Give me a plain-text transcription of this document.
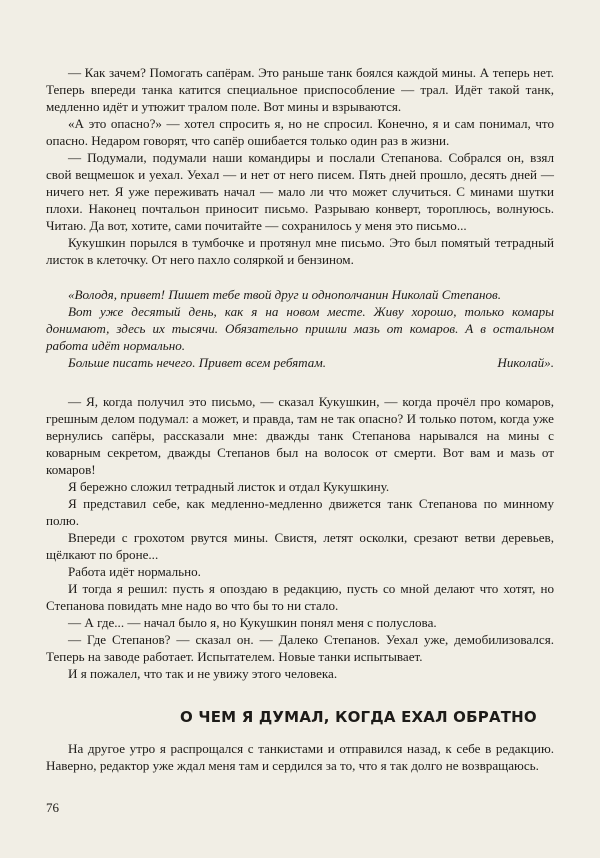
— Как зачем? Помогать сапёрам. Это раньше танк боялся каждой мины. А теперь нет. Теперь впереди танка катится специальное приспособление — трал. Идёт такой танк, медленно идёт и утюжит тралом поле. Вот мины и взрываются.

«А это опасно?» — хотел спросить я, но не спросил. Конечно, я и сам понимал, что опасно. Недаром говорят, что сапёр ошибается только один раз в жизни.

— Подумали, подумали наши командиры и послали Степанова. Собрался он, взял свой вещмешок и уехал. Уехал — и нет от него писем. Пять дней прошло, десять дней — ничего нет. Я уже переживать начал — мало ли что может случиться. С минами шутки плохи. Наконец почтальон приносит письмо. Разрываю конверт, тороплюсь, волнуюсь. Читаю. Да вот, хотите, сами почитайте — сохранилось у меня это письмо...

Кукушкин порылся в тумбочке и протянул мне письмо. Это был помятый тетрадный листок в клеточку. От него пахло соляркой и бензином.

«Володя, привет! Пишет тебе твой друг и однополчанин Николай Степанов.

Вот уже десятый день, как я на новом месте. Живу хорошо, только комары донимают, здесь их тысячи. Обязательно пришли мазь от комаров. А в остальном работа идёт нормально.

Больше писать нечего. Привет всем ребятам.	Николай».

— Я, когда получил это письмо, — сказал Кукушкин, — когда прочёл про комаров, грешным делом подумал: а может, и правда, там не так опасно? И только потом, когда уже вернулись сапёры, рассказали мне: дважды танк Степанова нарывался на мины с коварным секретом, дважды Степанов был на волосок от смерти. Вот вам и мазь от комаров!

Я бережно сложил тетрадный листок и отдал Кукушкину.

Я представил себе, как медленно-медленно движется танк Степанова по минному полю.

Впереди с грохотом рвутся мины. Свистя, летят осколки, срезают ветви деревьев, щёлкают по броне...

Работа идёт нормально.

И тогда я решил: пусть я опоздаю в редакцию, пусть со мной делают что хотят, но Степанова повидать мне надо во что бы то ни стало.

— А где... — начал было я, но Кукушкин понял меня с полуслова.

— Где Степанов? — сказал он. — Далеко Степанов. Уехал уже, демобилизовался. Теперь на заводе работает. Испытателем. Новые танки испытывает.

И я пожалел, что так и не увижу этого человека.

О ЧЕМ Я ДУМАЛ, КОГДА ЕХАЛ ОБРАТНО

На другое утро я распрощался с танкистами и отправился назад, к себе в редакцию. Наверно, редактор уже ждал меня там и сердился за то, что я так долго не возвращаюсь.

76
